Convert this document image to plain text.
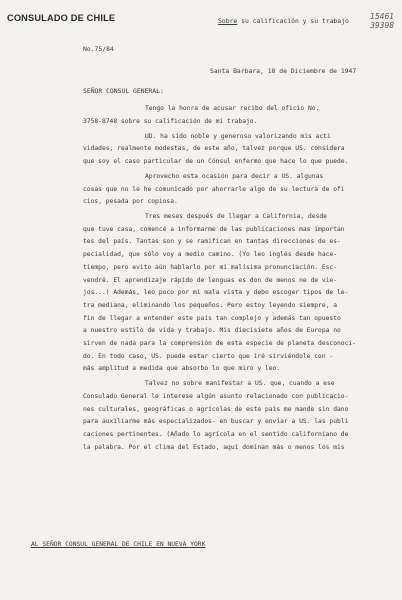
CONSULADO DE CHILE	15461
39398
Sobre su calificación y su trabajo
No.75/84
Santa Barbara, 18 de Diciembre de 1947
SEÑOR CONSUL GENERAL:
Tengo la honra de acusar recibo del oficio No.
3758-8748 sobre su calificación de mi trabajo.
UD. ha sido noble y generoso valorizando mis acti
vidades, realmente modestas, de este año, talvez porque US. considera
que soy el caso particular de un Cónsul enfermo que hace lo que puede.
Aprovecho esta ocasión para decir a US. algunas
cosas que no le he comunicado por ahorrarle algo de su lectura de ofi
cios, pesada por copiosa.
Tres meses después de llegar a California, desde
que tuve casa, comencé a informarme de las publicaciones mas importan
tes del país. Tantas son y se ramifican en tantas direcciones de es-
pecialidad, que sólo voy a medio camino. (Yo leo inglés desde hace-
tiempo, pero evito aún hablarlo por mi malísima pronunciación. Esc-
vendré. El aprendizaje rápido de lenguas es don de menos ne de vie-
jos...) Además, leo poco por mi mala vista y debo escoger tipos de le-
tra mediana, eliminando los pequeños. Pero estoy leyendo siempre, a
fin de llegar a entender este país tan complejo y además tan opuesto
a nuestro estilo de vida y trabajo. Mis diecisiete años de Europa no
sirven de nada para la comprensión de esta especie de planeta desconoci-
do. En todo caso, US. puede estar cierto que iré sirviéndole con -
más amplitud a medida que absorbo lo que miro y leo.
Talvez no sobre manifestar a US. que, cuando a ese
Consulado General le interese algún asunto relacionado con publicacio-
nes culturales, geográficas o agrícolas de este país me mande sin dano
para auxiliarme más especializados- en buscar y enviar a US. las publi
caciones pertinentes. (Añado lo agrícola en el sentido californiano de
la palabra. Por el clima del Estado, aquí dominan más o menos los mis
AL SEÑOR CONSUL GENERAL DE CHILE EN NUEVA YORK
